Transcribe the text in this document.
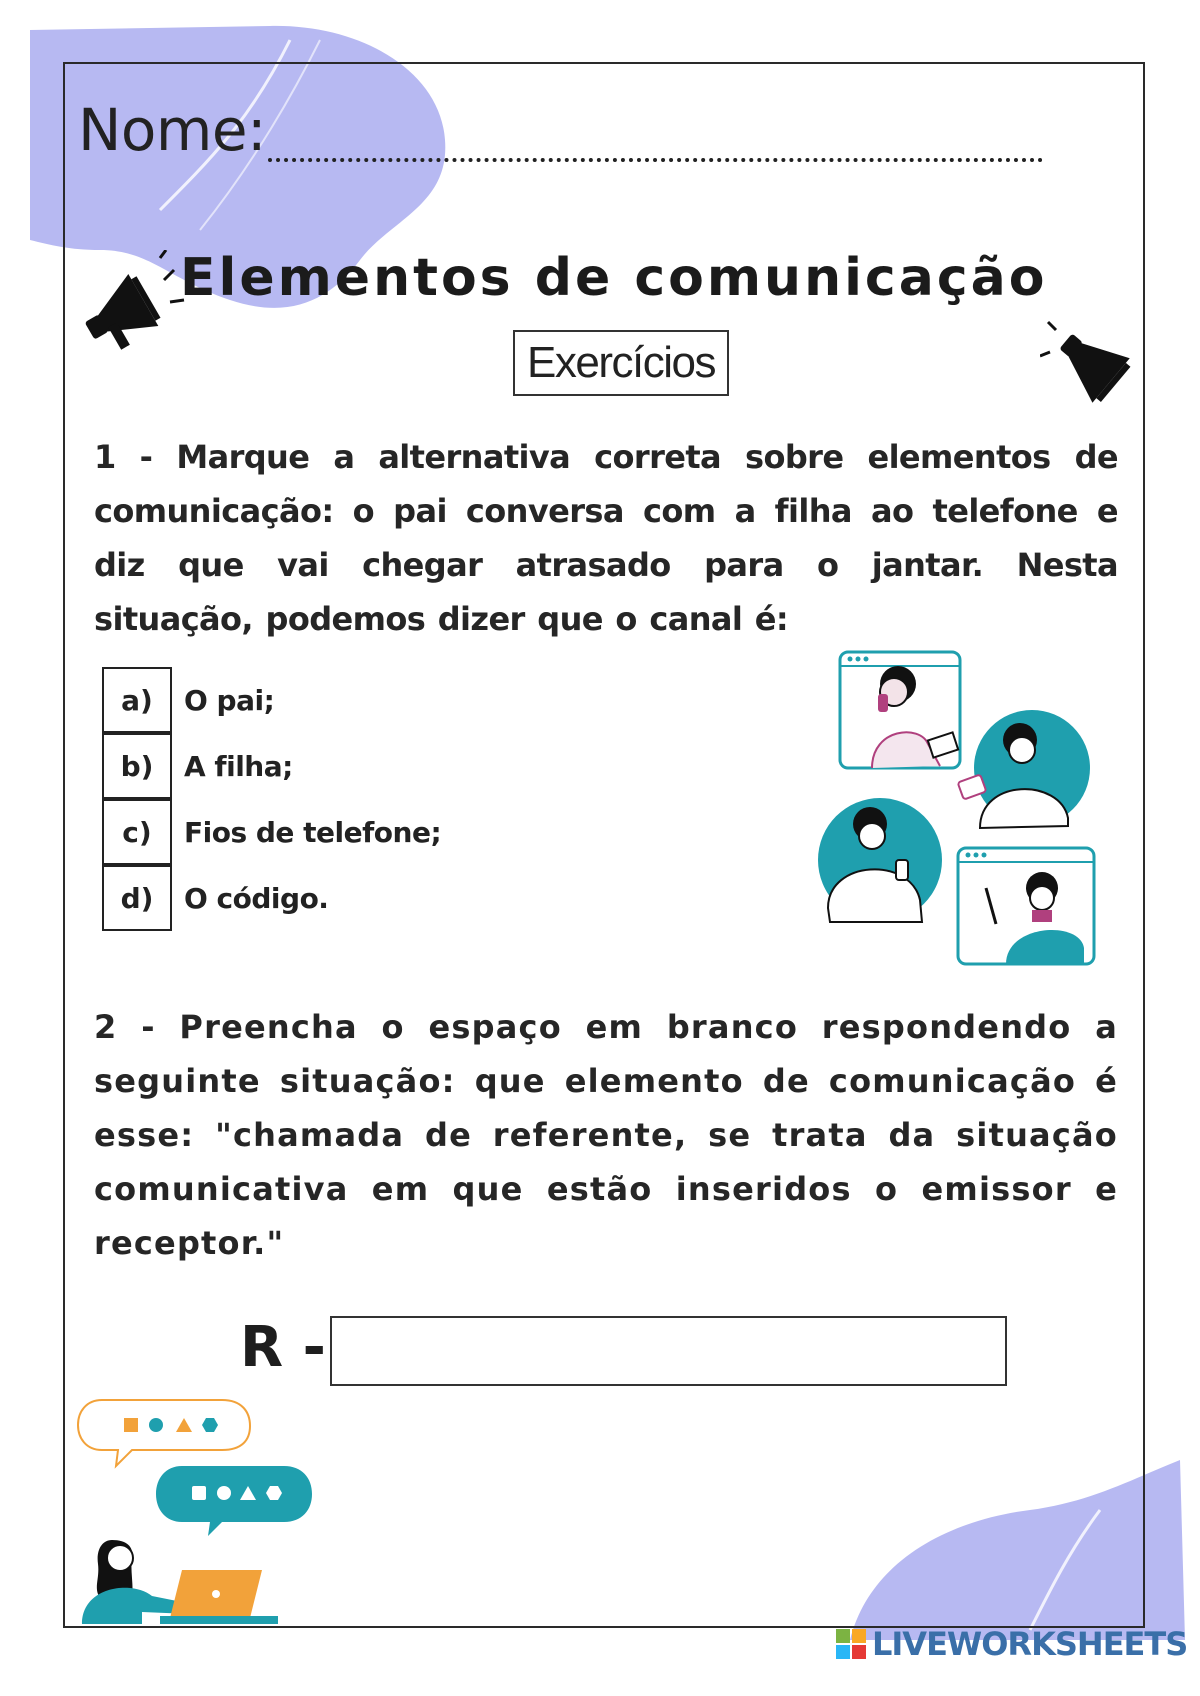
Nome:
Elementos de comunicação
Exercícios
1 - Marque a alternativa correta sobre elementos de comunicação: o pai conversa com a filha ao telefone e diz que vai chegar atrasado para o jantar. Nesta situação, podemos dizer que o canal é:
a)	O pai;
b)	A filha;
c)	Fios de telefone;
d)	O código.
2 - Preencha o espaço em branco respondendo a seguinte situação: que elemento de comunicação é esse: "chamada de referente, se trata da situação comunicativa em que estão inseridos o emissor e receptor."
R -
LIVEWORKSHEETS
